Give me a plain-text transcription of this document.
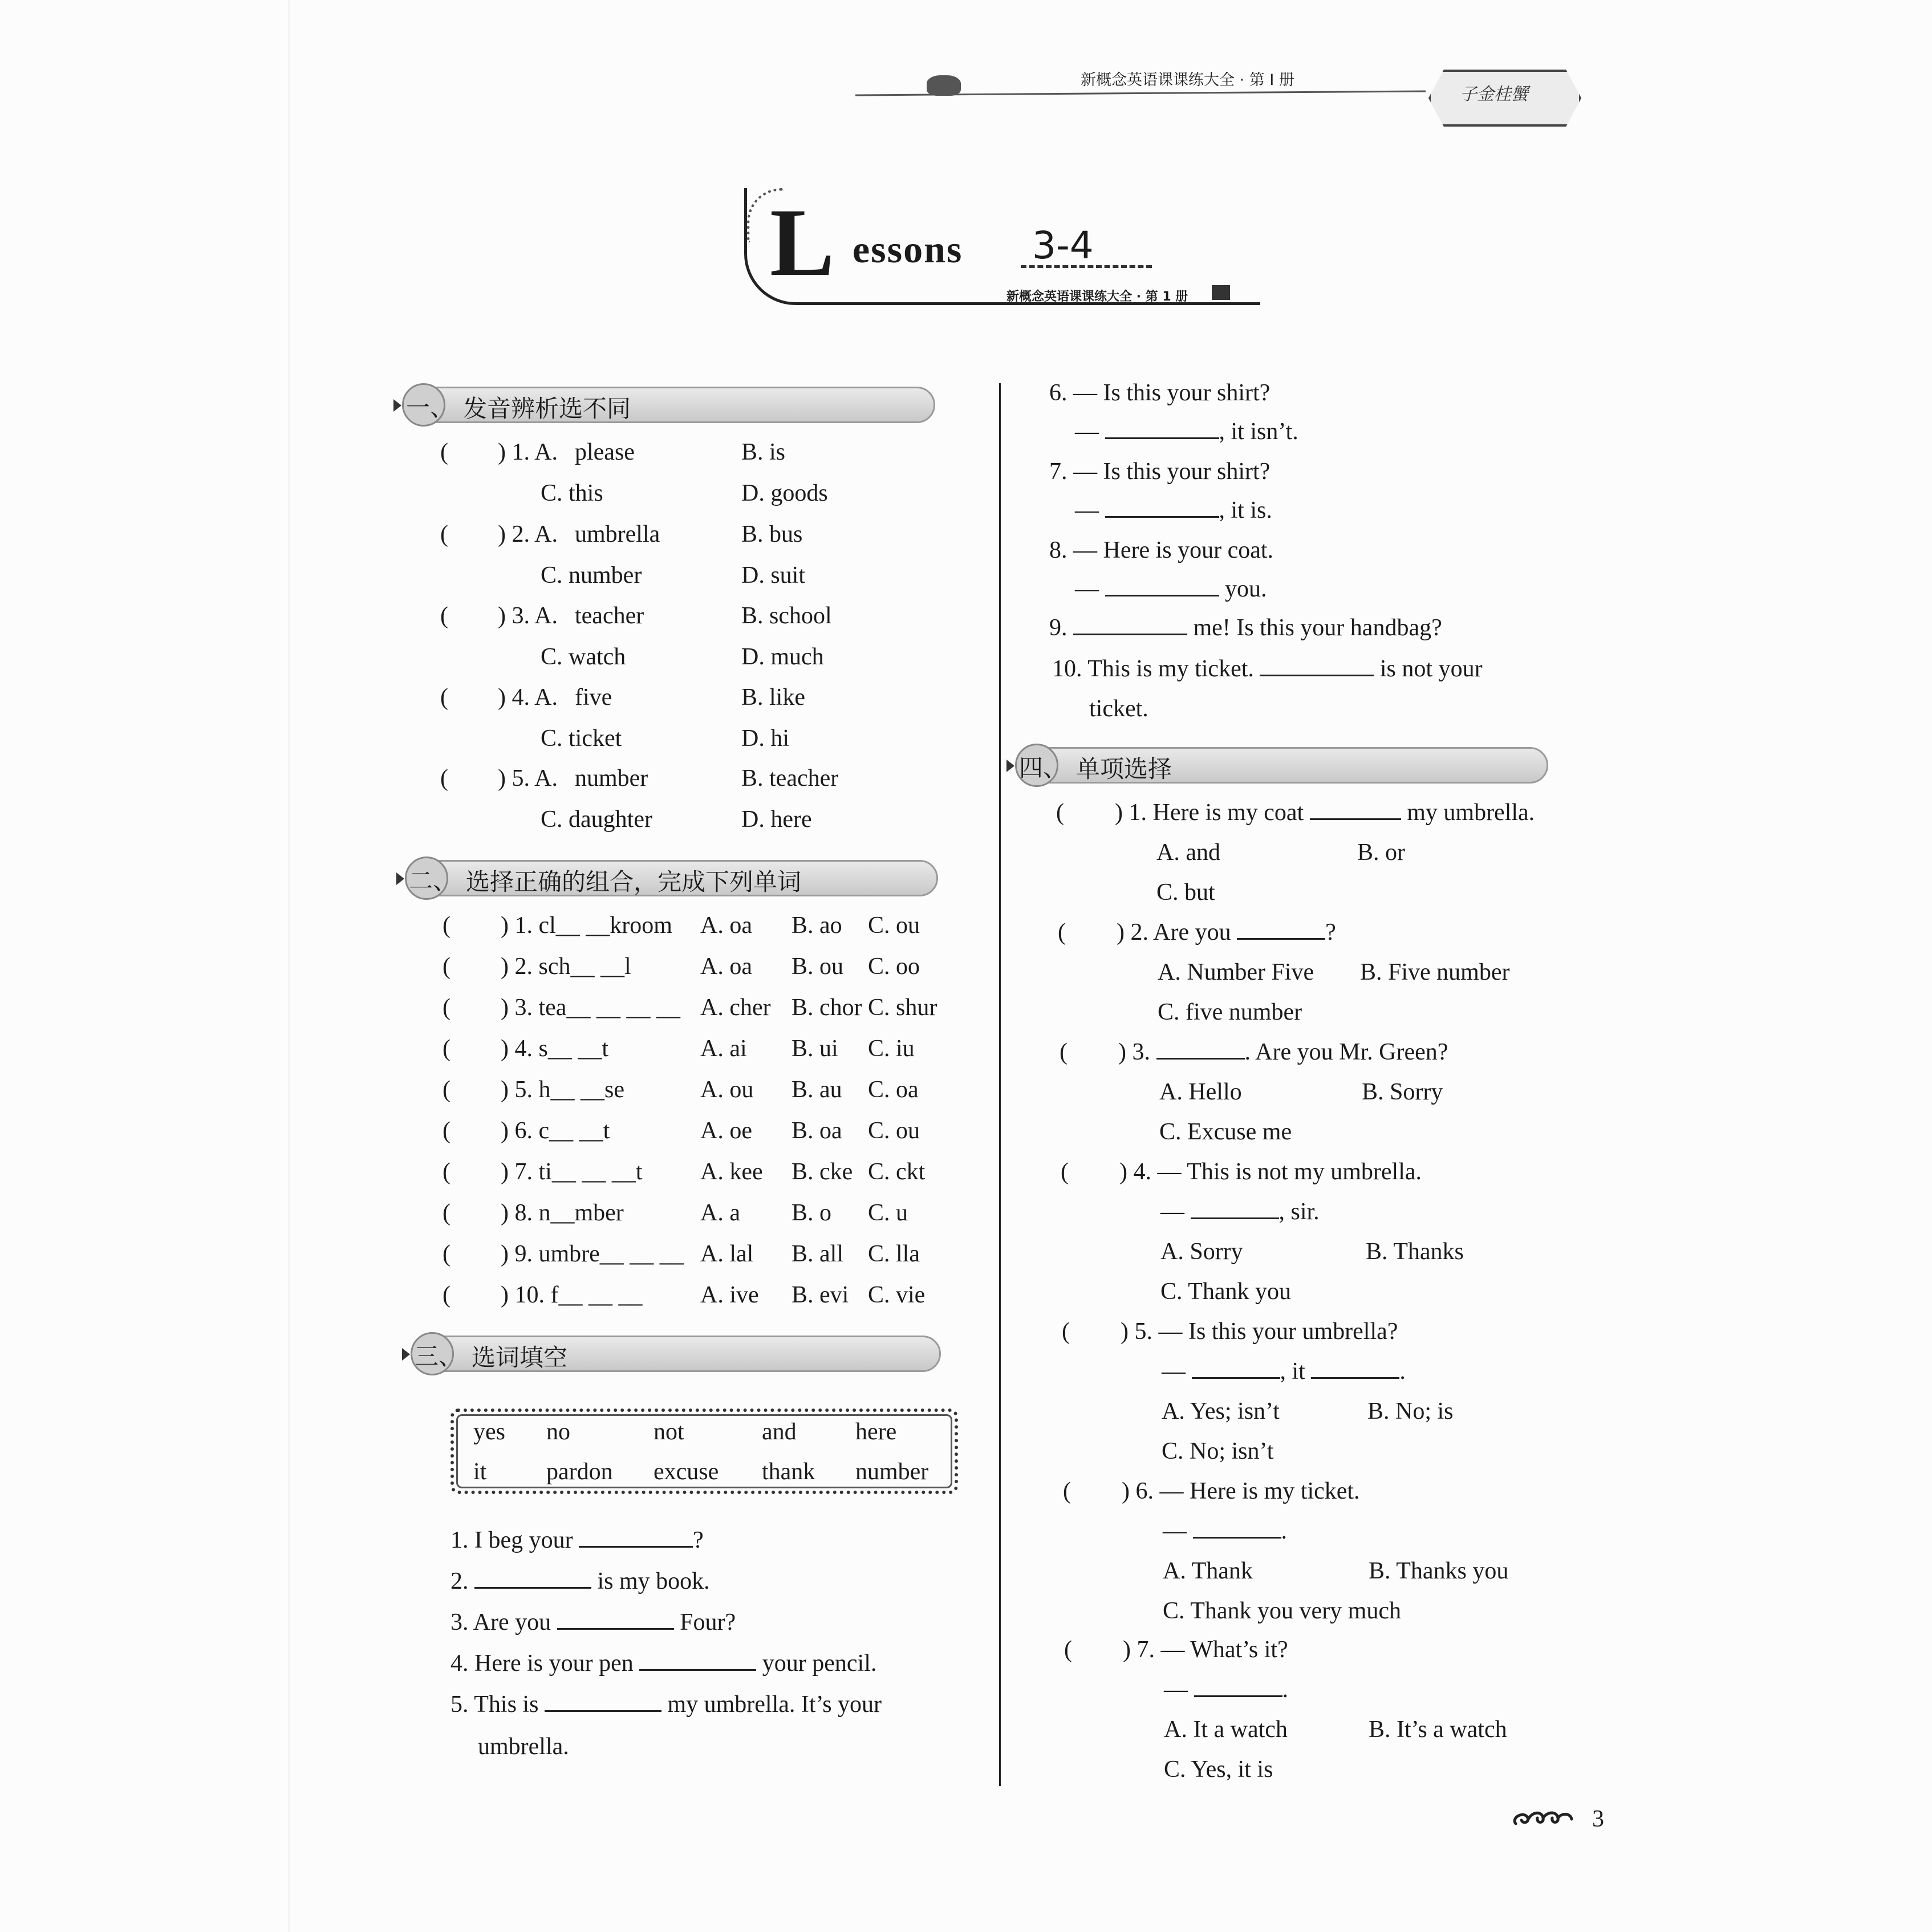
新概念英语课课练大全 · 第 I 册
子金桂蟹
L essons 3-4
新概念英语课课练大全 · 第 1 册
一、 发音辨析选不同
( ) 1. A. please	B. is
C. this	D. goods
( ) 2. A. umbrella	B. bus
C. number	D. suit
( ) 3. A. teacher	B. school
C. watch	D. much
( ) 4. A. five	B. like
C. ticket	D. hi
( ) 5. A. number	B. teacher
C. daughter	D. here
二、 选择正确的组合，完成下列单词
( ) 1. cl__ __kroom A. oa B. ao C. ou
( ) 2. sch__ __l	A. oa B. ou C. oo
( ) 3. tea__ __ __ __ A. cher B. chor C. shur
( ) 4. s__ __t	A. ai B. ui C. iu
( ) 5. h__ __se	A. ou B. au C. oa
( ) 6. c__ __t	A. oe B. oa C. ou
( ) 7. ti__ __ __t A. kee B. cke C. ckt
( ) 8. n__mber	A. a B. o C. u
( ) 9. umbre__ __ __ A. lal B. all C. lla
( ) 10. f__ __ __ A. ive B. evi C. vie
三、 选词填空
yes no	not	and here
it pardon excuse thank number
1. I beg your	?
2.	is my book.
3. Are you	Four?
4. Here is your pen	your pencil.
5. This is	my umbrella. It’s your
umbrella.
6. — Is this your shirt?
—	, it isn’t.
7. — Is this your shirt?
—	, it is.
8. — Here is your coat.
—	you.
9.	me! Is this your handbag?
10. This is my ticket.	is not your
ticket.
四、 单项选择
( ) 1. Here is my coat	my umbrella.
A. and	B. or
C. but
( ) 2. Are you	?
A. Number Five B. Five number
C. five number
( ) 3.	. Are you Mr. Green?
A. Hello	B. Sorry
C. Excuse me
( ) 4. — This is not my umbrella.
—	, sir.
A. Sorry	B. Thanks
C. Thank you
( ) 5. — Is this your umbrella?
—	, it	.
A. Yes; isn’t	B. No; is
C. No; isn’t
( ) 6. — Here is my ticket.
—	.
A. Thank	B. Thanks you
C. Thank you very much
( ) 7. — What’s it?
—	.
A. It a watch	B. It’s a watch
C. Yes, it is
3
